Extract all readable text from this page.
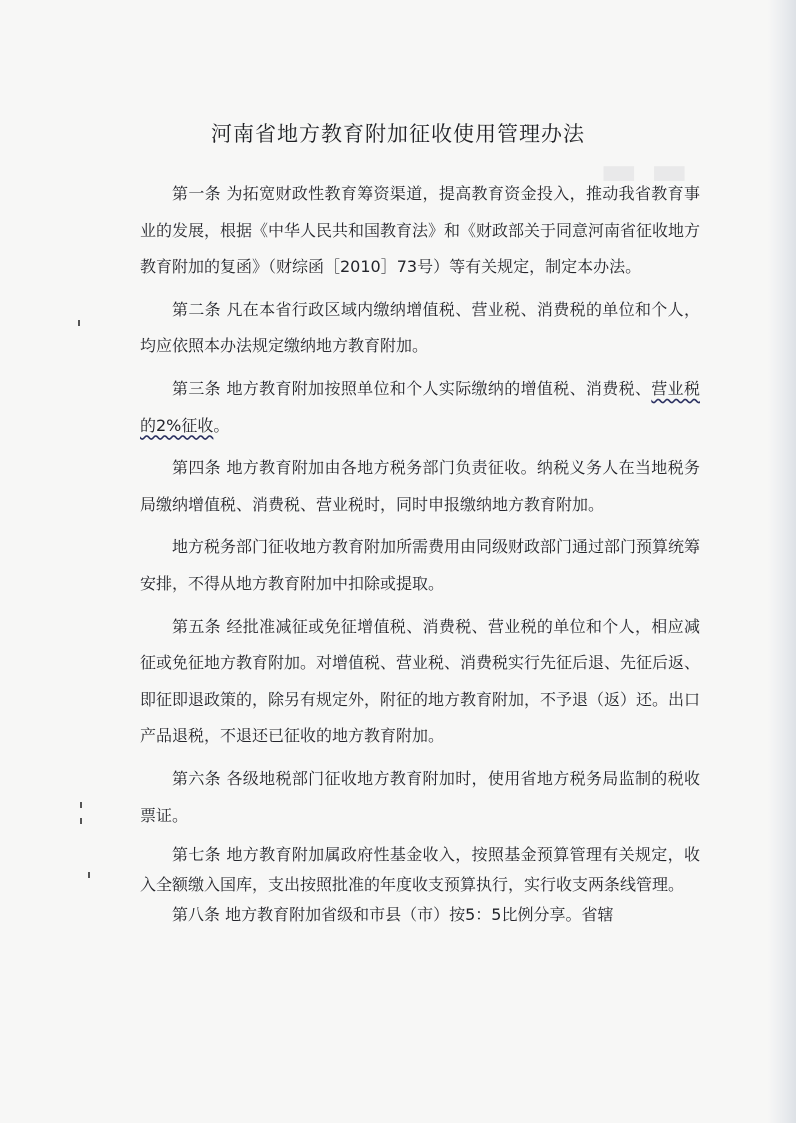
▬ ▬
河南省地方教育附加征收使用管理办法

第一条 为拓宽财政性教育筹资渠道，提高教育资金投入，推动我省教育事业的发展，根据《中华人民共和国教育法》和《财政部关于同意河南省征收地方教育附加的复函》（财综函［2010］73号）等有关规定，制定本办法。

第二条 凡在本省行政区域内缴纳增值税、营业税、消费税的单位和个人，均应依照本办法规定缴纳地方教育附加。

第三条 地方教育附加按照单位和个人实际缴纳的增值税、消费税、营业税的2%征收。

第四条 地方教育附加由各地方税务部门负责征收。纳税义务人在当地税务局缴纳增值税、消费税、营业税时，同时申报缴纳地方教育附加。

地方税务部门征收地方教育附加所需费用由同级财政部门通过部门预算统筹安排，不得从地方教育附加中扣除或提取。

第五条 经批准减征或免征增值税、消费税、营业税的单位和个人，相应减征或免征地方教育附加。对增值税、营业税、消费税实行先征后退、先征后返、即征即退政策的，除另有规定外，附征的地方教育附加，不予退（返）还。出口产品退税，不退还已征收的地方教育附加。

第六条 各级地税部门征收地方教育附加时，使用省地方税务局监制的税收票证。

第七条 地方教育附加属政府性基金收入，按照基金预算管理有关规定，收入全额缴入国库，支出按照批准的年度收支预算执行，实行收支两条线管理。

第八条 地方教育附加省级和市县（市）按5：5比例分享。省辖
